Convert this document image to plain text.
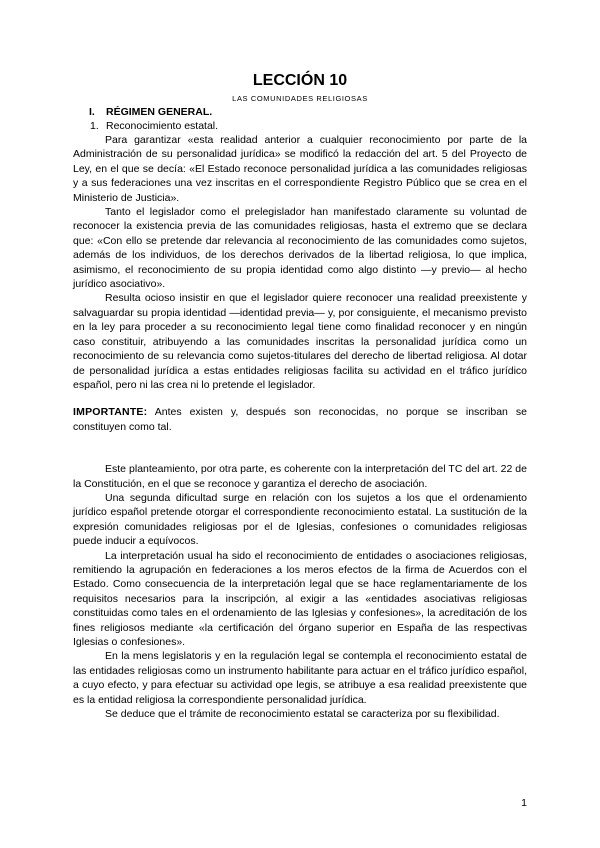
LECCIÓN 10
LAS COMUNIDADES RELIGIOSAS
I.	RÉGIMEN GENERAL.
1. Reconocimiento estatal.

Para garantizar «esta realidad anterior a cualquier reconocimiento por parte de la Administración de su personalidad jurídica» se modificó la redacción del art. 5 del Proyecto de Ley, en el que se decía: «El Estado reconoce personalidad jurídica a las comunidades religiosas y a sus federaciones una vez inscritas en el correspondiente Registro Público que se crea en el Ministerio de Justicia».

Tanto el legislador como el prelegislador han manifestado claramente su voluntad de reconocer la existencia previa de las comunidades religiosas, hasta el extremo que se declara que: «Con ello se pretende dar relevancia al reconocimiento de las comunidades como sujetos, además de los individuos, de los derechos derivados de la libertad religiosa, lo que implica, asimismo, el reconocimiento de su propia identidad como algo distinto —y previo— al hecho jurídico asociativo».

Resulta ocioso insistir en que el legislador quiere reconocer una realidad preexistente y salvaguardar su propia identidad —identidad previa— y, por consiguiente, el mecanismo previsto en la ley para proceder a su reconocimiento legal tiene como finalidad reconocer y en ningún caso constituir, atribuyendo a las comunidades inscritas la personalidad jurídica como un reconocimiento de su relevancia como sujetos-titulares del derecho de libertad religiosa. Al dotar de personalidad jurídica a estas entidades religiosas facilita su actividad en el tráfico jurídico español, pero ni las crea ni lo pretende el legislador.

IMPORTANTE: Antes existen y, después son reconocidas, no porque se inscriban se constituyen como tal.

Este planteamiento, por otra parte, es coherente con la interpretación del TC del art. 22 de la Constitución, en el que se reconoce y garantiza el derecho de asociación.

Una segunda dificultad surge en relación con los sujetos a los que el ordenamiento jurídico español pretende otorgar el correspondiente reconocimiento estatal. La sustitución de la expresión comunidades religiosas por el de Iglesias, confesiones o comunidades religiosas puede inducir a equívocos.

La interpretación usual ha sido el reconocimiento de entidades o asociaciones religiosas, remitiendo la agrupación en federaciones a los meros efectos de la firma de Acuerdos con el Estado. Como consecuencia de la interpretación legal que se hace reglamentariamente de los requisitos necesarios para la inscripción, al exigir a las «entidades asociativas religiosas constituidas como tales en el ordenamiento de las Iglesias y confesiones», la acreditación de los fines religiosos mediante «la certificación del órgano superior en España de las respectivas Iglesias o confesiones».

En la mens legislatoris y en la regulación legal se contempla el reconocimiento estatal de las entidades religiosas como un instrumento habilitante para actuar en el tráfico jurídico español, a cuyo efecto, y para efectuar su actividad ope legis, se atribuye a esa realidad preexistente que es la entidad religiosa la correspondiente personalidad jurídica.

Se deduce que el trámite de reconocimiento estatal se caracteriza por su flexibilidad.

1
